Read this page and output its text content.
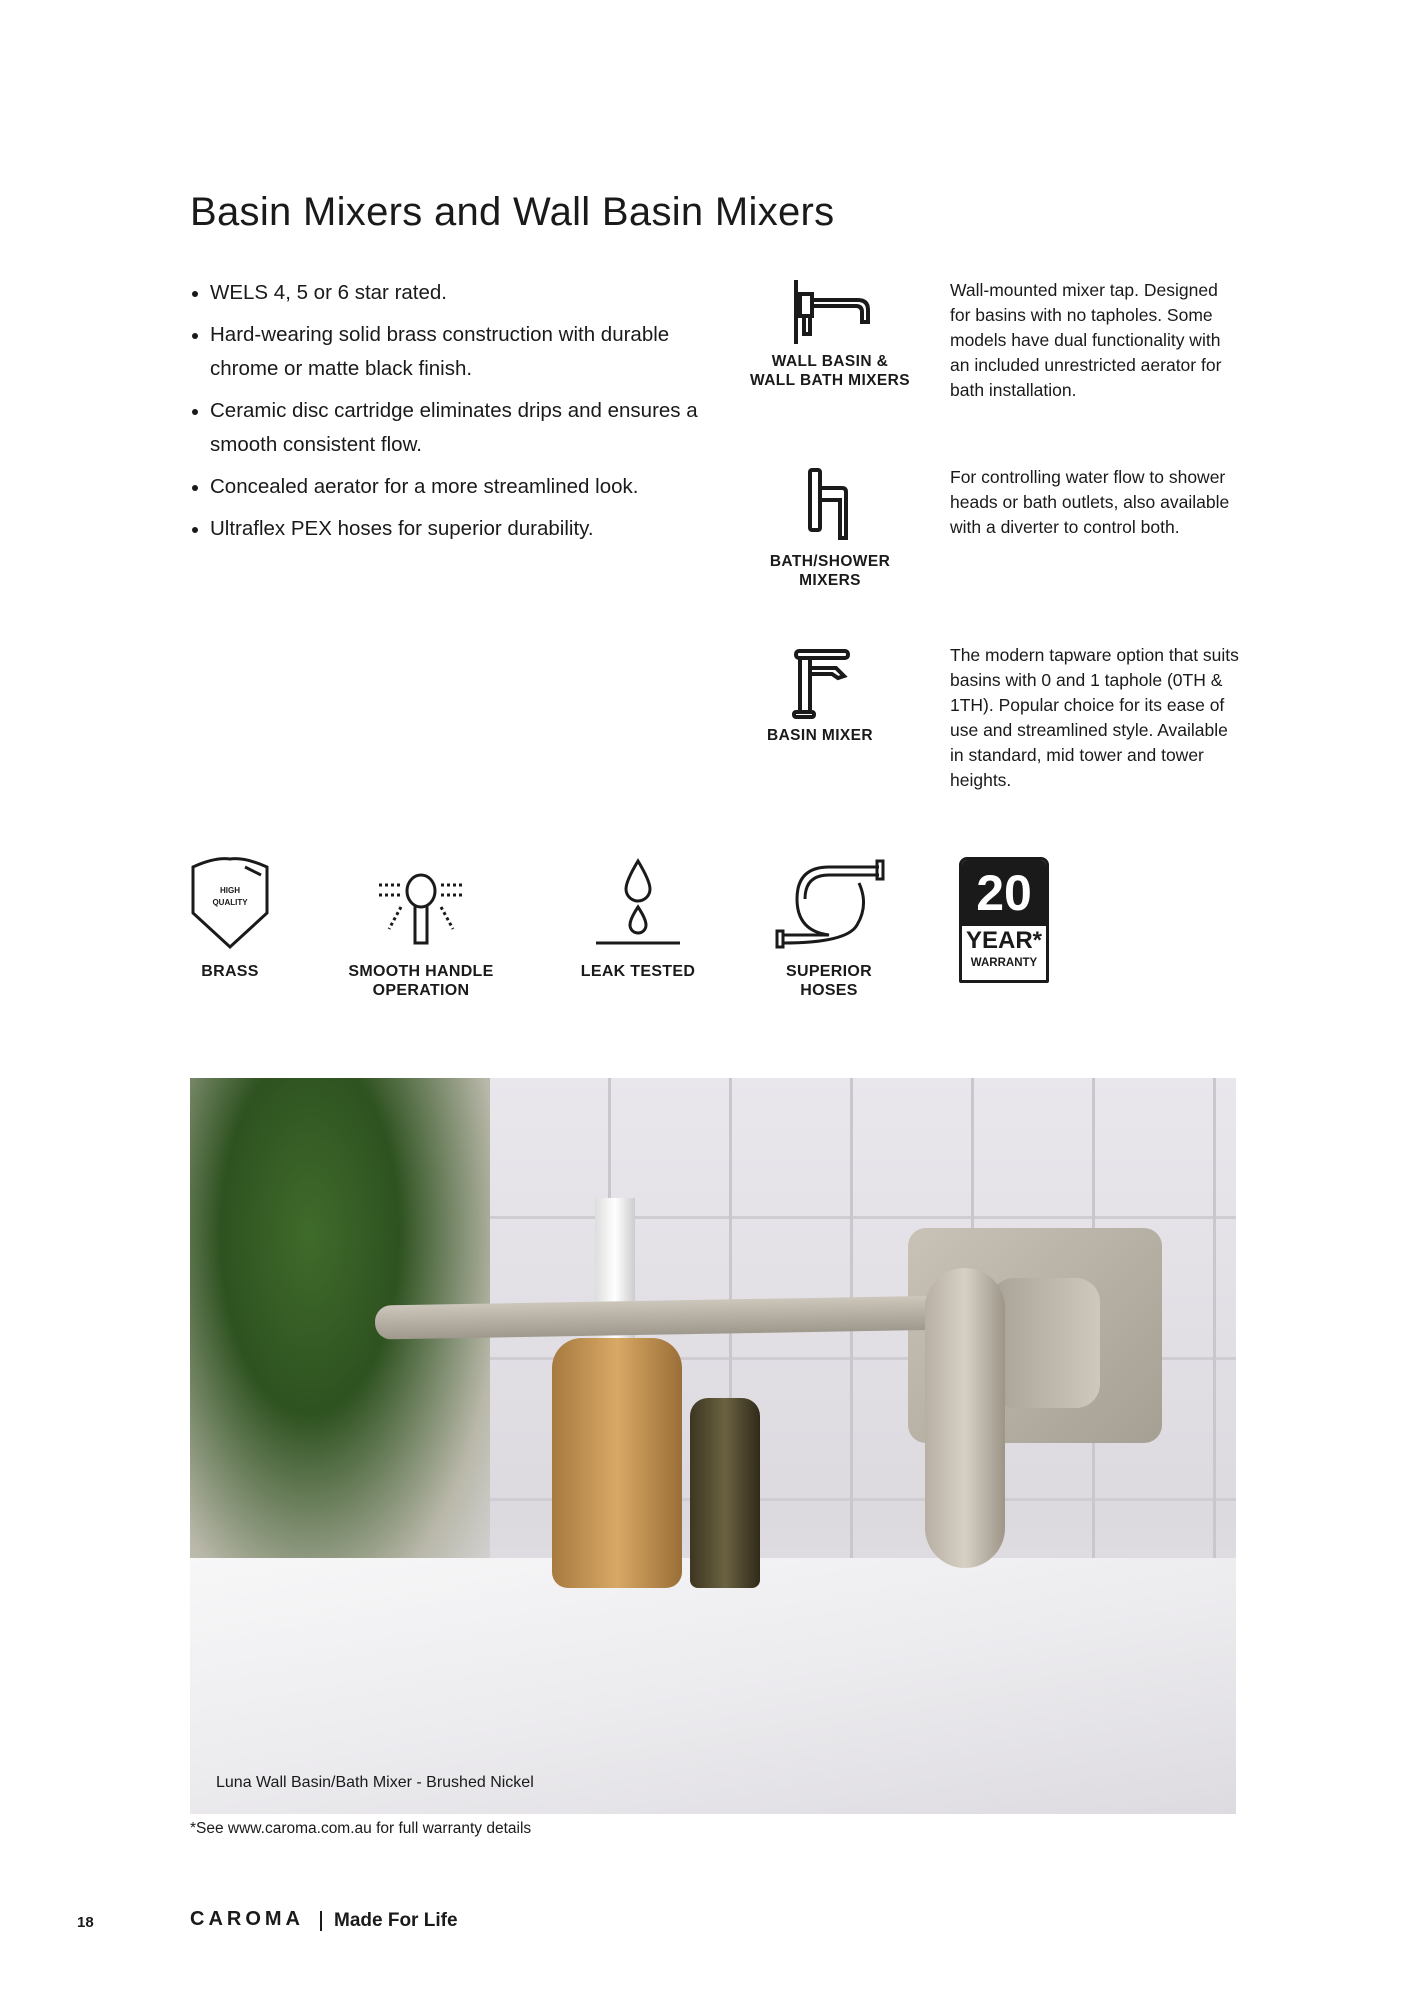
Basin Mixers and Wall Basin Mixers
WELS 4, 5 or 6 star rated.
Hard-wearing solid brass construction with durable chrome or matte black finish.
Ceramic disc cartridge eliminates drips and ensures a smooth consistent flow.
Concealed aerator for a more streamlined look.
Ultraflex PEX hoses for superior durability.
WALL BASIN &
WALL BATH MIXERS
Wall-mounted mixer tap. Designed for basins with no tapholes. Some models have dual functionality with an included unrestricted aerator for bath installation.
BATH/SHOWER
MIXERS
For controlling water flow to shower heads or bath outlets, also available with a diverter to control both.
BASIN MIXER
The modern tapware option that suits basins with 0 and 1 taphole (0TH & 1TH). Popular choice for its ease of use and streamlined style. Available in standard, mid tower and tower heights.
HIGH
QUALITY
BRASS	SMOOTH HANDLE
OPERATION
LEAK TESTED	SUPERIOR
HOSES
20
YEAR*
WARRANTY
Luna Wall Basin/Bath Mixer - Brushed Nickel
*See www.caroma.com.au for full warranty details
18	CAROMA Made For Life
